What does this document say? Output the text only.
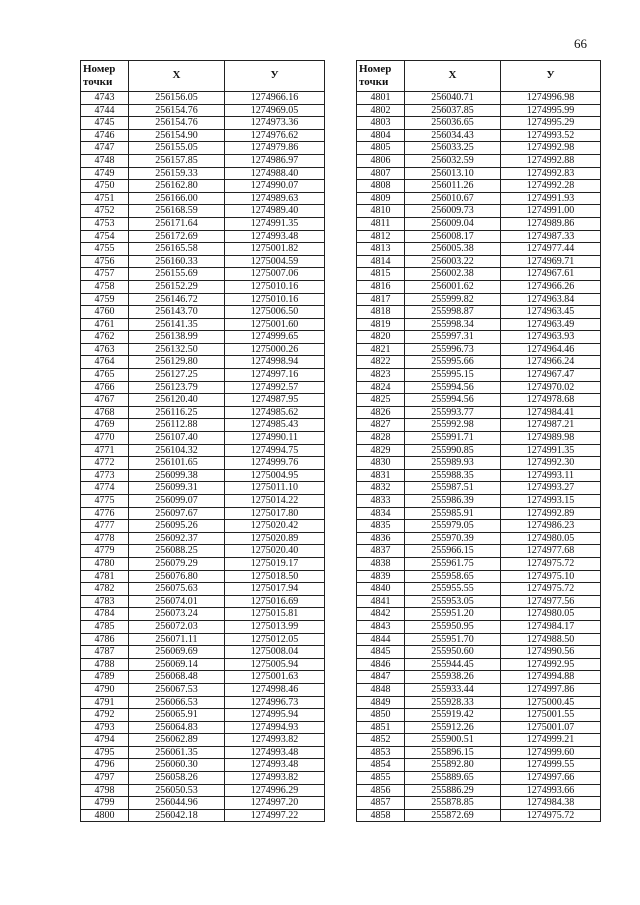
66
Номер
точки	X	У
4743	256156.05	1274966.16
4744	256154.76	1274969.05
4745	256154.76	1274973.36
4746	256154.90	1274976.62
4747	256155.05	1274979.86
4748	256157.85	1274986.97
4749	256159.33	1274988.40
4750	256162.80	1274990.07
4751	256166.00	1274989.63
4752	256168.59	1274989.40
4753	256171.64	1274991.35
4754	256172.69	1274993.48
4755	256165.58	1275001.82
4756	256160.33	1275004.59
4757	256155.69	1275007.06
4758	256152.29	1275010.16
4759	256146.72	1275010.16
4760	256143.70	1275006.50
4761	256141.35	1275001.60
4762	256138.99	1274999.65
4763	256132.50	1275000.26
4764	256129.80	1274998.94
4765	256127.25	1274997.16
4766	256123.79	1274992.57
4767	256120.40	1274987.95
4768	256116.25	1274985.62
4769	256112.88	1274985.43
4770	256107.40	1274990.11
4771	256104.32	1274994.75
4772	256101.65	1274999.76
4773	256099.38	1275004.95
4774	256099.31	1275011.10
4775	256099.07	1275014.22
4776	256097.67	1275017.80
4777	256095.26	1275020.42
4778	256092.37	1275020.89
4779	256088.25	1275020.40
4780	256079.29	1275019.17
4781	256076.80	1275018.50
4782	256075.63	1275017.94
4783	256074.01	1275016.69
4784	256073.24	1275015.81
4785	256072.03	1275013.99
4786	256071.11	1275012.05
4787	256069.69	1275008.04
4788	256069.14	1275005.94
4789	256068.48	1275001.63
4790	256067.53	1274998.46
4791	256066.53	1274996.73
4792	256065.91	1274995.94
4793	256064.83	1274994.93
4794	256062.89	1274993.82
4795	256061.35	1274993.48
4796	256060.30	1274993.48
4797	256058.26	1274993.82
4798	256050.53	1274996.29
4799	256044.96	1274997.20
4800	256042.18	1274997.22
Номер
точки	X	У
4801	256040.71	1274996.98
4802	256037.85	1274995.99
4803	256036.65	1274995.29
4804	256034.43	1274993.52
4805	256033.25	1274992.98
4806	256032.59	1274992.88
4807	256013.10	1274992.83
4808	256011.26	1274992.28
4809	256010.67	1274991.93
4810	256009.73	1274991.00
4811	256009.04	1274989.86
4812	256008.17	1274987.33
4813	256005.38	1274977.44
4814	256003.22	1274969.71
4815	256002.38	1274967.61
4816	256001.62	1274966.26
4817	255999.82	1274963.84
4818	255998.87	1274963.45
4819	255998.34	1274963.49
4820	255997.31	1274963.93
4821	255996.73	1274964.46
4822	255995.66	1274966.24
4823	255995.15	1274967.47
4824	255994.56	1274970.02
4825	255994.56	1274978.68
4826	255993.77	1274984.41
4827	255992.98	1274987.21
4828	255991.71	1274989.98
4829	255990.85	1274991.35
4830	255989.93	1274992.30
4831	255988.35	1274993.11
4832	255987.51	1274993.27
4833	255986.39	1274993.15
4834	255985.91	1274992.89
4835	255979.05	1274986.23
4836	255970.39	1274980.05
4837	255966.15	1274977.68
4838	255961.75	1274975.72
4839	255958.65	1274975.10
4840	255955.55	1274975.72
4841	255953.05	1274977.56
4842	255951.20	1274980.05
4843	255950.95	1274984.17
4844	255951.70	1274988.50
4845	255950.60	1274990.56
4846	255944.45	1274992.95
4847	255938.26	1274994.88
4848	255933.44	1274997.86
4849	255928.33	1275000.45
4850	255919.42	1275001.55
4851	255912.26	1275001.07
4852	255900.51	1274999.21
4853	255896.15	1274999.60
4854	255892.80	1274999.55
4855	255889.65	1274997.66
4856	255886.29	1274993.66
4857	255878.85	1274984.38
4858	255872.69	1274975.72
